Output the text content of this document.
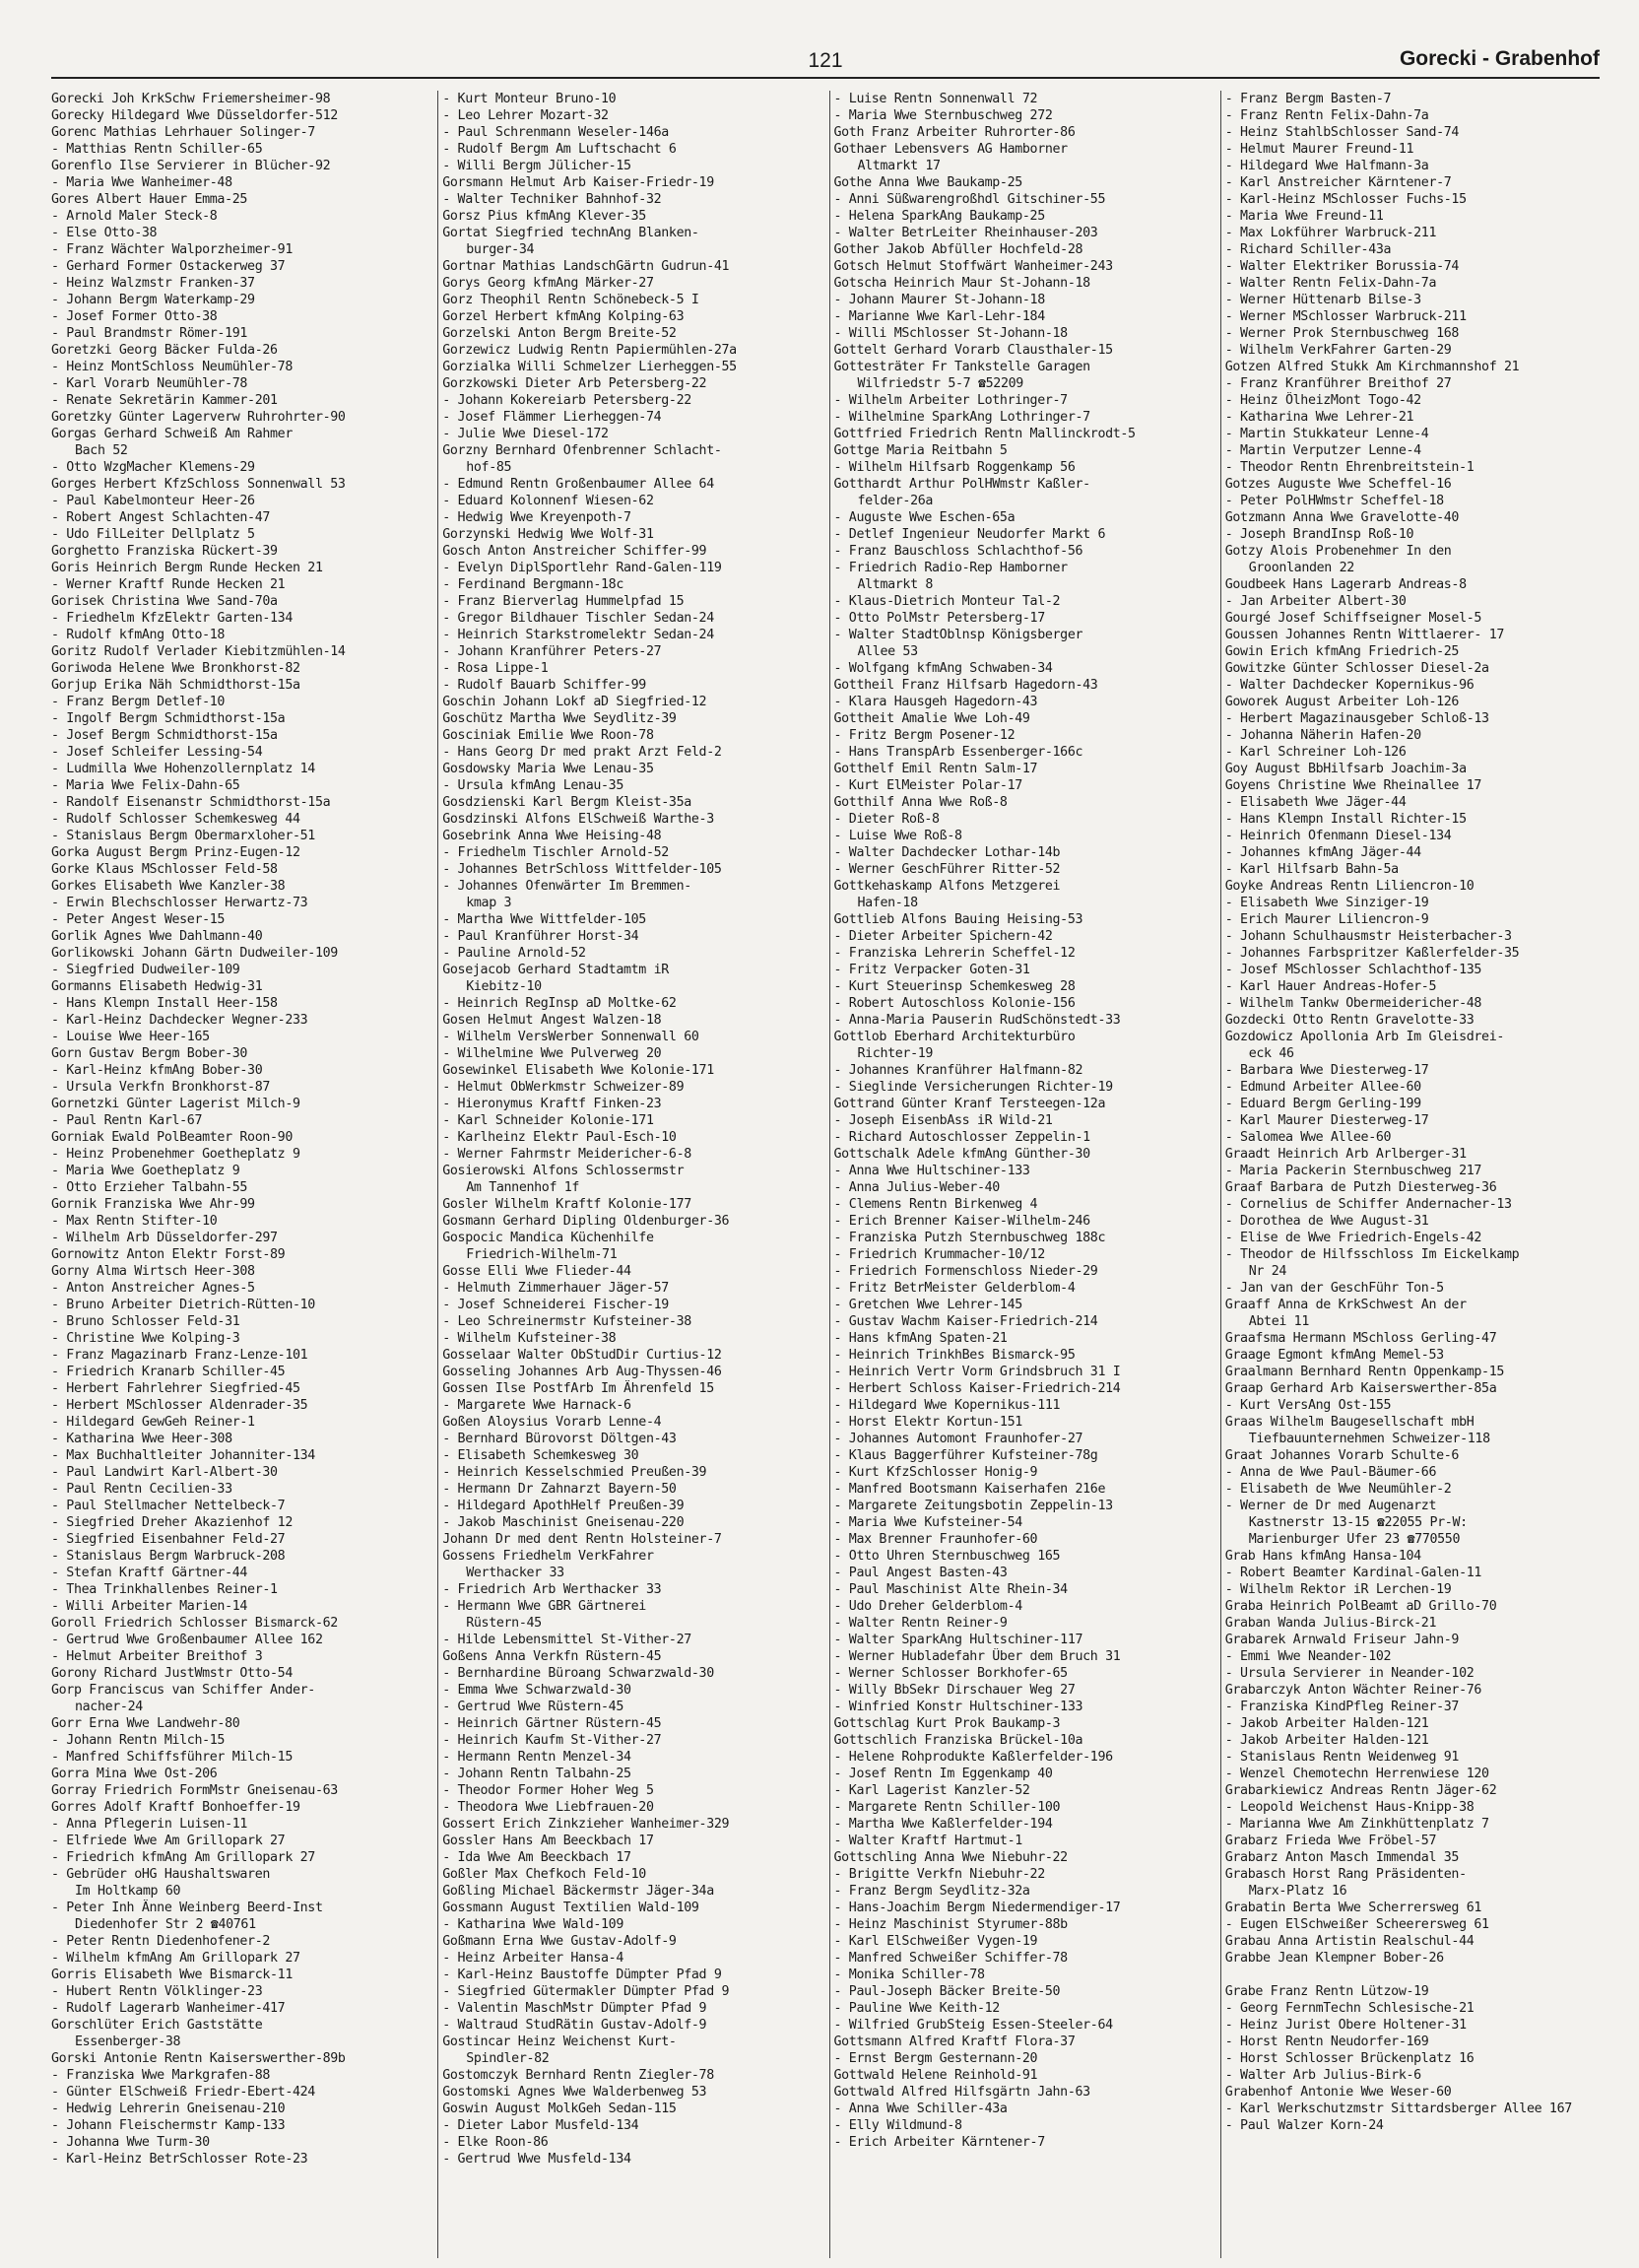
121	Gorecki - Grabenhof
Gorecki Joh KrkSchw Friemersheimer-98
Gorecky Hildegard Wwe Düsseldorfer-512
Gorenc Mathias Lehrhauer Solinger-7
- Matthias Rentn Schiller-65
Gorenflo Ilse Servierer in Blücher-92
- Maria Wwe Wanheimer-48
Gores Albert Hauer Emma-25
- Arnold Maler Steck-8
- Else Otto-38
- Franz Wächter Walporzheimer-91
- Gerhard Former Ostackerweg 37
- Heinz Walzmstr Franken-37
- Johann Bergm Waterkamp-29
- Josef Former Otto-38
- Paul Brandmstr Römer-191
Goretzki Georg Bäcker Fulda-26
- Heinz MontSchloss Neumühler-78
- Karl Vorarb Neumühler-78
- Renate Sekretärin Kammer-201
Goretzky Günter Lagerverw Ruhrohrter-90
Gorgas Gerhard Schweiß Am Rahmer
Bach 52
- Otto WzgMacher Klemens-29
Gorges Herbert KfzSchloss Sonnenwall 53
- Paul Kabelmonteur Heer-26
- Robert Angest Schlachten-47
- Udo FilLeiter Dellplatz 5
Gorghetto Franziska Rückert-39
Goris Heinrich Bergm Runde Hecken 21
- Werner Kraftf Runde Hecken 21
Gorisek Christina Wwe Sand-70a
- Friedhelm KfzElektr Garten-134
- Rudolf kfmAng Otto-18
Goritz Rudolf Verlader Kiebitzmühlen-14
Goriwoda Helene Wwe Bronkhorst-82
Gorjup Erika Näh Schmidthorst-15a
- Franz Bergm Detlef-10
- Ingolf Bergm Schmidthorst-15a
- Josef Bergm Schmidthorst-15a
- Josef Schleifer Lessing-54
- Ludmilla Wwe Hohenzollernplatz 14
- Maria Wwe Felix-Dahn-65
- Randolf Eisenanstr Schmidthorst-15a
- Rudolf Schlosser Schemkesweg 44
- Stanislaus Bergm Obermarxloher-51
Gorka August Bergm Prinz-Eugen-12
Gorke Klaus MSchlosser Feld-58
Gorkes Elisabeth Wwe Kanzler-38
- Erwin Blechschlosser Herwartz-73
- Peter Angest Weser-15
Gorlik Agnes Wwe Dahlmann-40
Gorlikowski Johann Gärtn Dudweiler-109
- Siegfried Dudweiler-109
Gormanns Elisabeth Hedwig-31
- Hans Klempn Install Heer-158
- Karl-Heinz Dachdecker Wegner-233
- Louise Wwe Heer-165
Gorn Gustav Bergm Bober-30
- Karl-Heinz kfmAng Bober-30
- Ursula Verkfn Bronkhorst-87
Gornetzki Günter Lagerist Milch-9
- Paul Rentn Karl-67
Gorniak Ewald PolBeamter Roon-90
- Heinz Probenehmer Goetheplatz 9
- Maria Wwe Goetheplatz 9
- Otto Erzieher Talbahn-55
Gornik Franziska Wwe Ahr-99
- Max Rentn Stifter-10
- Wilhelm Arb Düsseldorfer-297
Gornowitz Anton Elektr Forst-89
Gorny Alma Wirtsch Heer-308
- Anton Anstreicher Agnes-5
- Bruno Arbeiter Dietrich-Rütten-10
- Bruno Schlosser Feld-31
- Christine Wwe Kolping-3
- Franz Magazinarb Franz-Lenze-101
- Friedrich Kranarb Schiller-45
- Herbert Fahrlehrer Siegfried-45
- Herbert MSchlosser Aldenrader-35
- Hildegard GewGeh Reiner-1
- Katharina Wwe Heer-308
- Max Buchhaltleiter Johanniter-134
- Paul Landwirt Karl-Albert-30
- Paul Rentn Cecilien-33
- Paul Stellmacher Nettelbeck-7
- Siegfried Dreher Akazienhof 12
- Siegfried Eisenbahner Feld-27
- Stanislaus Bergm Warbruck-208
- Stefan Kraftf Gärtner-44
- Thea Trinkhallenbes Reiner-1
- Willi Arbeiter Marien-14
Goroll Friedrich Schlosser Bismarck-62
- Gertrud Wwe Großenbaumer Allee 162
- Helmut Arbeiter Breithof 3
Gorony Richard JustWmstr Otto-54
Gorp Franciscus van Schiffer Ander-
nacher-24
Gorr Erna Wwe Landwehr-80
- Johann Rentn Milch-15
- Manfred Schiffsführer Milch-15
Gorra Mina Wwe Ost-206
Gorray Friedrich FormMstr Gneisenau-63
Gorres Adolf Kraftf Bonhoeffer-19
- Anna Pflegerin Luisen-11
- Elfriede Wwe Am Grillopark 27
- Friedrich kfmAng Am Grillopark 27
- Gebrüder oHG Haushaltswaren
Im Holtkamp 60
- Peter Inh Änne Weinberg Beerd-Inst
Diedenhofer Str 2 ☎40761
- Peter Rentn Diedenhofener-2
- Wilhelm kfmAng Am Grillopark 27
Gorris Elisabeth Wwe Bismarck-11
- Hubert Rentn Völklinger-23
- Rudolf Lagerarb Wanheimer-417
Gorschlüter Erich Gaststätte
Essenberger-38
Gorski Antonie Rentn Kaiserswerther-89b
- Franziska Wwe Markgrafen-88
- Günter ElSchweiß Friedr-Ebert-424
- Hedwig Lehrerin Gneisenau-210
- Johann Fleischermstr Kamp-133
- Johanna Wwe Turm-30
- Karl-Heinz BetrSchlosser Rote-23
- Kurt Monteur Bruno-10
- Leo Lehrer Mozart-32
- Paul Schrenmann Weseler-146a
- Rudolf Bergm Am Luftschacht 6
- Willi Bergm Jülicher-15
Gorsmann Helmut Arb Kaiser-Friedr-19
- Walter Techniker Bahnhof-32
Gorsz Pius kfmAng Klever-35
Gortat Siegfried technAng Blanken-
burger-34
Gortnar Mathias LandschGärtn Gudrun-41
Gorys Georg kfmAng Märker-27
Gorz Theophil Rentn Schönebeck-5 I
Gorzel Herbert kfmAng Kolping-63
Gorzelski Anton Bergm Breite-52
Gorzewicz Ludwig Rentn Papiermühlen-27a
Gorzialka Willi Schmelzer Lierheggen-55
Gorzkowski Dieter Arb Petersberg-22
- Johann Kokereiarb Petersberg-22
- Josef Flämmer Lierheggen-74
- Julie Wwe Diesel-172
Gorzny Bernhard Ofenbrenner Schlacht-
hof-85
- Edmund Rentn Großenbaumer Allee 64
- Eduard Kolonnenf Wiesen-62
- Hedwig Wwe Kreyenpoth-7
Gorzynski Hedwig Wwe Wolf-31
Gosch Anton Anstreicher Schiffer-99
- Evelyn DiplSportlehr Rand-Galen-119
- Ferdinand Bergmann-18c
- Franz Bierverlag Hummelpfad 15
- Gregor Bildhauer Tischler Sedan-24
- Heinrich Starkstromelektr Sedan-24
- Johann Kranführer Peters-27
- Rosa Lippe-1
- Rudolf Bauarb Schiffer-99
Goschin Johann Lokf aD Siegfried-12
Goschütz Martha Wwe Seydlitz-39
Gosciniak Emilie Wwe Roon-78
- Hans Georg Dr med prakt Arzt Feld-2
Gosdowsky Maria Wwe Lenau-35
- Ursula kfmAng Lenau-35
Gosdzienski Karl Bergm Kleist-35a
Gosdzinski Alfons ElSchweiß Warthe-3
Gosebrink Anna Wwe Heising-48
- Friedhelm Tischler Arnold-52
- Johannes BetrSchloss Wittfelder-105
- Johannes Ofenwärter Im Bremmen-
kmap 3
- Martha Wwe Wittfelder-105
- Paul Kranführer Horst-34
- Pauline Arnold-52
Gosejacob Gerhard Stadtamtm iR
Kiebitz-10
- Heinrich RegInsp aD Moltke-62
Gosen Helmut Angest Walzen-18
- Wilhelm VersWerber Sonnenwall 60
- Wilhelmine Wwe Pulverweg 20
Gosewinkel Elisabeth Wwe Kolonie-171
- Helmut ObWerkmstr Schweizer-89
- Hieronymus Kraftf Finken-23
- Karl Schneider Kolonie-171
- Karlheinz Elektr Paul-Esch-10
- Werner Fahrmstr Meidericher-6-8
Gosierowski Alfons Schlossermstr
Am Tannenhof 1f
Gosler Wilhelm Kraftf Kolonie-177
Gosmann Gerhard Dipling Oldenburger-36
Gospocic Mandica Küchenhilfe
Friedrich-Wilhelm-71
Gosse Elli Wwe Flieder-44
- Helmuth Zimmerhauer Jäger-57
- Josef Schneiderei Fischer-19
- Leo Schreinermstr Kufsteiner-38
- Wilhelm Kufsteiner-38
Gosselaar Walter ObStudDir Curtius-12
Gosseling Johannes Arb Aug-Thyssen-46
Gossen Ilse PostfArb Im Ährenfeld 15
- Margarete Wwe Harnack-6
Goßen Aloysius Vorarb Lenne-4
- Bernhard Bürovorst Döltgen-43
- Elisabeth Schemkesweg 30
- Heinrich Kesselschmied Preußen-39
- Hermann Dr Zahnarzt Bayern-50
- Hildegard ApothHelf Preußen-39
- Jakob Maschinist Gneisenau-220
Johann Dr med dent Rentn Holsteiner-7
Gossens Friedhelm VerkFahrer
Werthacker 33
- Friedrich Arb Werthacker 33
- Hermann Wwe GBR Gärtnerei
Rüstern-45
- Hilde Lebensmittel St-Vither-27
Goßens Anna Verkfn Rüstern-45
- Bernhardine Büroang Schwarzwald-30
- Emma Wwe Schwarzwald-30
- Gertrud Wwe Rüstern-45
- Heinrich Gärtner Rüstern-45
- Heinrich Kaufm St-Vither-27
- Hermann Rentn Menzel-34
- Johann Rentn Talbahn-25
- Theodor Former Hoher Weg 5
- Theodora Wwe Liebfrauen-20
Gossert Erich Zinkzieher Wanheimer-329
Gossler Hans Am Beeckbach 17
- Ida Wwe Am Beeckbach 17
Goßler Max Chefkoch Feld-10
Goßling Michael Bäckermstr Jäger-34a
Gossmann August Textilien Wald-109
- Katharina Wwe Wald-109
Goßmann Erna Wwe Gustav-Adolf-9
- Heinz Arbeiter Hansa-4
- Karl-Heinz Baustoffe Dümpter Pfad 9
- Siegfried Gütermakler Dümpter Pfad 9
- Valentin MaschMstr Dümpter Pfad 9
- Waltraud StudRätin Gustav-Adolf-9
Gostincar Heinz Weichenst Kurt-
Spindler-82
Gostomczyk Bernhard Rentn Ziegler-78
Gostomski Agnes Wwe Walderbenweg 53
Goswin August MolkGeh Sedan-115
- Dieter Labor Musfeld-134
- Elke Roon-86
- Gertrud Wwe Musfeld-134
- Luise Rentn Sonnenwall 72
- Maria Wwe Sternbuschweg 272
Goth Franz Arbeiter Ruhrorter-86
Gothaer Lebensvers AG Hamborner
Altmarkt 17
Gothe Anna Wwe Baukamp-25
- Anni Süßwarengroßhdl Gitschiner-55
- Helena SparkAng Baukamp-25
- Walter BetrLeiter Rheinhauser-203
Gother Jakob Abfüller Hochfeld-28
Gotsch Helmut Stoffwärt Wanheimer-243
Gotscha Heinrich Maur St-Johann-18
- Johann Maurer St-Johann-18
- Marianne Wwe Karl-Lehr-184
- Willi MSchlosser St-Johann-18
Gottelt Gerhard Vorarb Clausthaler-15
Gottesträter Fr Tankstelle Garagen
Wilfriedstr 5-7 ☎52209
- Wilhelm Arbeiter Lothringer-7
- Wilhelmine SparkAng Lothringer-7
Gottfried Friedrich Rentn Mallinckrodt-5
Gottge Maria Reitbahn 5
- Wilhelm Hilfsarb Roggenkamp 56
Gotthardt Arthur PolHWmstr Kaßler-
felder-26a
- Auguste Wwe Eschen-65a
- Detlef Ingenieur Neudorfer Markt 6
- Franz Bauschloss Schlachthof-56
- Friedrich Radio-Rep Hamborner
Altmarkt 8
- Klaus-Dietrich Monteur Tal-2
- Otto PolMstr Petersberg-17
- Walter StadtOblnsp Königsberger
Allee 53
- Wolfgang kfmAng Schwaben-34
Gottheil Franz Hilfsarb Hagedorn-43
- Klara Hausgeh Hagedorn-43
Gottheit Amalie Wwe Loh-49
- Fritz Bergm Posener-12
- Hans TranspArb Essenberger-166c
Gotthelf Emil Rentn Salm-17
- Kurt ElMeister Polar-17
Gotthilf Anna Wwe Roß-8
- Dieter Roß-8
- Luise Wwe Roß-8
- Walter Dachdecker Lothar-14b
- Werner GeschFührer Ritter-52
Gottkehaskamp Alfons Metzgerei
Hafen-18
Gottlieb Alfons Bauing Heising-53
- Dieter Arbeiter Spichern-42
- Franziska Lehrerin Scheffel-12
- Fritz Verpacker Goten-31
- Kurt Steuerinsp Schemkesweg 28
- Robert Autoschloss Kolonie-156
- Anna-Maria Pauserin RudSchönstedt-33
Gottlob Eberhard Architekturbüro
Richter-19
- Johannes Kranführer Halfmann-82
- Sieglinde Versicherungen Richter-19
Gottrand Günter Kranf Tersteegen-12a
- Joseph EisenbAss iR Wild-21
- Richard Autoschlosser Zeppelin-1
Gottschalk Adele kfmAng Günther-30
- Anna Wwe Hultschiner-133
- Anna Julius-Weber-40
- Clemens Rentn Birkenweg 4
- Erich Brenner Kaiser-Wilhelm-246
- Franziska Putzh Sternbuschweg 188c
- Friedrich Krummacher-10/12
- Friedrich Formenschloss Nieder-29
- Fritz BetrMeister Gelderblom-4
- Gretchen Wwe Lehrer-145
- Gustav Wachm Kaiser-Friedrich-214
- Hans kfmAng Spaten-21
- Heinrich TrinkhBes Bismarck-95
- Heinrich Vertr Vorm Grindsbruch 31 I
- Herbert Schloss Kaiser-Friedrich-214
- Hildegard Wwe Kopernikus-111
- Horst Elektr Kortun-151
- Johannes Automont Fraunhofer-27
- Klaus Baggerführer Kufsteiner-78g
- Kurt KfzSchlosser Honig-9
- Manfred Bootsmann Kaiserhafen 216e
- Margarete Zeitungsbotin Zeppelin-13
- Maria Wwe Kufsteiner-54
- Max Brenner Fraunhofer-60
- Otto Uhren Sternbuschweg 165
- Paul Angest Basten-43
- Paul Maschinist Alte Rhein-34
- Udo Dreher Gelderblom-4
- Walter Rentn Reiner-9
- Walter SparkAng Hultschiner-117
- Werner Hubladefahr Über dem Bruch 31
- Werner Schlosser Borkhofer-65
- Willy BbSekr Dirschauer Weg 27
- Winfried Konstr Hultschiner-133
Gottschlag Kurt Prok Baukamp-3
Gottschlich Franziska Brückel-10a
- Helene Rohprodukte Kaßlerfelder-196
- Josef Rentn Im Eggenkamp 40
- Karl Lagerist Kanzler-52
- Margarete Rentn Schiller-100
- Martha Wwe Kaßlerfelder-194
- Walter Kraftf Hartmut-1
Gottschling Anna Wwe Niebuhr-22
- Brigitte Verkfn Niebuhr-22
- Franz Bergm Seydlitz-32a
- Hans-Joachim Bergm Niedermendiger-17
- Heinz Maschinist Styrumer-88b
- Karl ElSchweißer Vygen-19
- Manfred Schweißer Schiffer-78
- Monika Schiller-78
- Paul-Joseph Bäcker Breite-50
- Pauline Wwe Keith-12
- Wilfried GrubSteig Essen-Steeler-64
Gottsmann Alfred Kraftf Flora-37
- Ernst Bergm Gesternann-20
Gottwald Helene Reinhold-91
Gottwald Alfred Hilfsgärtn Jahn-63
- Anna Wwe Schiller-43a
- Elly Wildmund-8
- Erich Arbeiter Kärntener-7
- Franz Bergm Basten-7
- Franz Rentn Felix-Dahn-7a
- Heinz StahlbSchlosser Sand-74
- Helmut Maurer Freund-11
- Hildegard Wwe Halfmann-3a
- Karl Anstreicher Kärntener-7
- Karl-Heinz MSchlosser Fuchs-15
- Maria Wwe Freund-11
- Max Lokführer Warbruck-211
- Richard Schiller-43a
- Walter Elektriker Borussia-74
- Walter Rentn Felix-Dahn-7a
- Werner Hüttenarb Bilse-3
- Werner MSchlosser Warbruck-211
- Werner Prok Sternbuschweg 168
- Wilhelm VerkFahrer Garten-29
Gotzen Alfred Stukk Am Kirchmannshof 21
- Franz Kranführer Breithof 27
- Heinz ÖlheizMont Togo-42
- Katharina Wwe Lehrer-21
- Martin Stukkateur Lenne-4
- Martin Verputzer Lenne-4
- Theodor Rentn Ehrenbreitstein-1
Gotzes Auguste Wwe Scheffel-16
- Peter PolHWmstr Scheffel-18
Gotzmann Anna Wwe Gravelotte-40
- Joseph BrandInsp Roß-10
Gotzy Alois Probenehmer In den
Groonlanden 22
Goudbeek Hans Lagerarb Andreas-8
- Jan Arbeiter Albert-30
Gourgé Josef Schiffseigner Mosel-5
Goussen Johannes Rentn Wittlaerer- 17
Gowin Erich kfmAng Friedrich-25
Gowitzke Günter Schlosser Diesel-2a
- Walter Dachdecker Kopernikus-96
Goworek August Arbeiter Loh-126
- Herbert Magazinausgeber Schloß-13
- Johanna Näherin Hafen-20
- Karl Schreiner Loh-126
Goy August BbHilfsarb Joachim-3a
Goyens Christine Wwe Rheinallee 17
- Elisabeth Wwe Jäger-44
- Hans Klempn Install Richter-15
- Heinrich Ofenmann Diesel-134
- Johannes kfmAng Jäger-44
- Karl Hilfsarb Bahn-5a
Goyke Andreas Rentn Liliencron-10
- Elisabeth Wwe Sinziger-19
- Erich Maurer Liliencron-9
- Johann Schulhausmstr Heisterbacher-3
- Johannes Farbspritzer Kaßlerfelder-35
- Josef MSchlosser Schlachthof-135
- Karl Hauer Andreas-Hofer-5
- Wilhelm Tankw Obermeidericher-48
Gozdecki Otto Rentn Gravelotte-33
Gozdowicz Apollonia Arb Im Gleisdrei-
eck 46
- Barbara Wwe Diesterweg-17
- Edmund Arbeiter Allee-60
- Eduard Bergm Gerling-199
- Karl Maurer Diesterweg-17
- Salomea Wwe Allee-60
Graadt Heinrich Arb Arlberger-31
- Maria Packerin Sternbuschweg 217
Graaf Barbara de Putzh Diesterweg-36
- Cornelius de Schiffer Andernacher-13
- Dorothea de Wwe August-31
- Elise de Wwe Friedrich-Engels-42
- Theodor de Hilfsschloss Im Eickelkamp
Nr 24
- Jan van der GeschFühr Ton-5
Graaff Anna de KrkSchwest An der
Abtei 11
Graafsma Hermann MSchloss Gerling-47
Graage Egmont kfmAng Memel-53
Graalmann Bernhard Rentn Oppenkamp-15
Graap Gerhard Arb Kaiserswerther-85a
- Kurt VersAng Ost-155
Graas Wilhelm Baugesellschaft mbH
Tiefbauunternehmen Schweizer-118
Graat Johannes Vorarb Schulte-6
- Anna de Wwe Paul-Bäumer-66
- Elisabeth de Wwe Neumühler-2
- Werner de Dr med Augenarzt
Kastnerstr 13-15 ☎22055 Pr-W:
Marienburger Ufer 23 ☎770550
Grab Hans kfmAng Hansa-104
- Robert Beamter Kardinal-Galen-11
- Wilhelm Rektor iR Lerchen-19
Graba Heinrich PolBeamt aD Grillo-70
Graban Wanda Julius-Birck-21
Grabarek Arnwald Friseur Jahn-9
- Emmi Wwe Neander-102
- Ursula Servierer in Neander-102
Grabarczyk Anton Wächter Reiner-76
- Franziska KindPfleg Reiner-37
- Jakob Arbeiter Halden-121
- Jakob Arbeiter Halden-121
- Stanislaus Rentn Weidenweg 91
- Wenzel Chemotechn Herrenwiese 120
Grabarkiewicz Andreas Rentn Jäger-62
- Leopold Weichenst Haus-Knipp-38
- Marianna Wwe Am Zinkhüttenplatz 7
Grabarz Frieda Wwe Fröbel-57
Grabarz Anton Masch Immendal 35
Grabasch Horst Rang Präsidenten-
Marx-Platz 16
Grabatin Berta Wwe Scherrersweg 61
- Eugen ElSchweißer Scheerersweg 61
Grabau Anna Artistin Realschul-44
Grabbe Jean Klempner Bober-26
Grabe Franz Rentn Lützow-19
- Georg FernmTechn Schlesische-21
- Heinz Jurist Obere Holtener-31
- Horst Rentn Neudorfer-169
- Horst Schlosser Brückenplatz 16
- Walter Arb Julius-Birk-6
Grabenhof Antonie Wwe Weser-60
- Karl Werkschutzmstr Sittardsberger Allee 167
- Paul Walzer Korn-24
